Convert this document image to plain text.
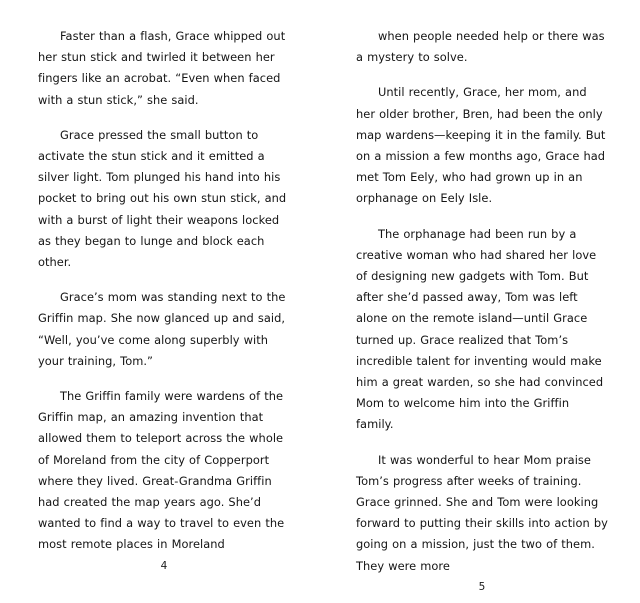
Faster than a flash, Grace whipped out her stun stick and twirled it between her fingers like an acrobat. “Even when faced with a stun stick,” she said.

Grace pressed the small button to activate the stun stick and it emitted a silver light. Tom plunged his hand into his pocket to bring out his own stun stick, and with a burst of light their weapons locked as they began to lunge and block each other.

Grace’s mom was standing next to the Griffin map. She now glanced up and said, “Well, you’ve come along superbly with your training, Tom.”

The Griffin family were wardens of the Griffin map, an amazing invention that allowed them to teleport across the whole of Moreland from the city of Copperport where they lived. Great-Grandma Griffin had created the map years ago. She’d wanted to find a way to travel to even the most remote places in Moreland

4

when people needed help or there was a mystery to solve.

Until recently, Grace, her mom, and her older brother, Bren, had been the only map wardens—keeping it in the family. But on a mission a few months ago, Grace had met Tom Eely, who had grown up in an orphanage on Eely Isle.

The orphanage had been run by a creative woman who had shared her love of designing new gadgets with Tom. But after she’d passed away, Tom was left alone on the remote island—until Grace turned up. Grace realized that Tom’s incredible talent for inventing would make him a great warden, so she had convinced Mom to welcome him into the Griffin family.

It was wonderful to hear Mom praise Tom’s progress after weeks of training. Grace grinned. She and Tom were looking forward to putting their skills into action by going on a mission, just the two of them. They were more

5
